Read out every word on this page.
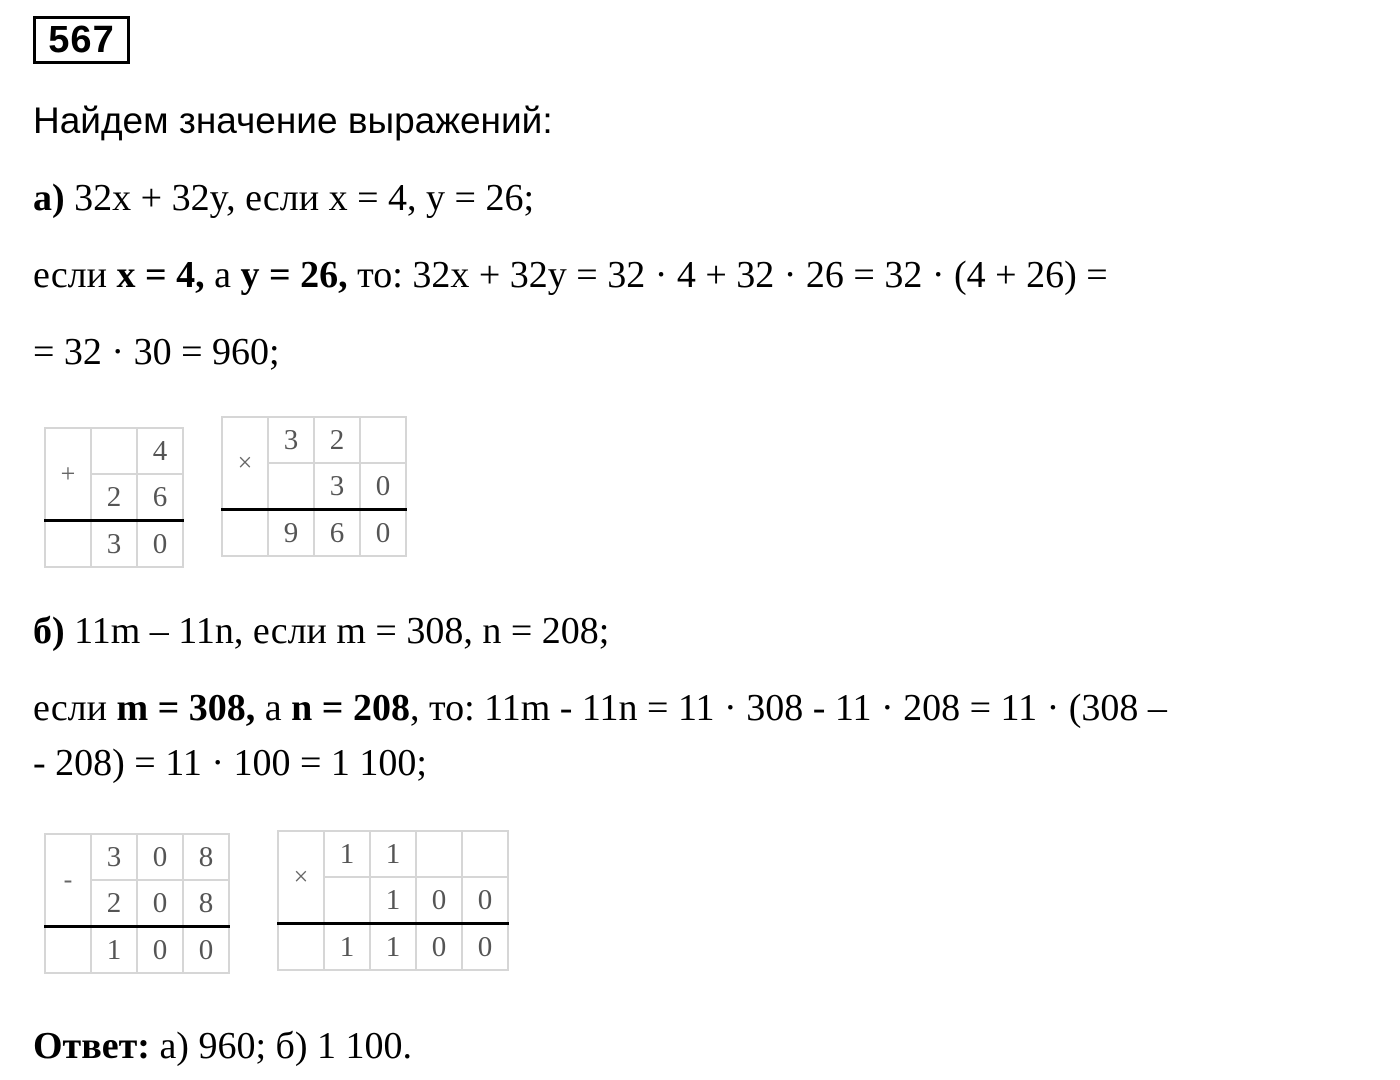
567
Найдем значение выражений:
а) 32x + 32y, если x = 4, y = 26;
если x = 4, а y = 26, то: 32x + 32y = 32 · 4 + 32 · 26 = 32 · (4 + 26) =
= 32 · 30 = 960;
+		4
	2	6
	3	0
×	3	2	
		3	0
	9	6	0
б) 11m – 11n, если m = 308, n = 208;
если m = 308, а n = 208, то: 11m - 11n = 11 · 308 - 11 · 208 = 11 · (308 –
- 208) = 11 · 100 = 1 100;
-	3	0	8
	2	0	8
	1	0	0
×	1	1		
		1	0	0
	1	1	0	0
Ответ: а) 960; б) 1 100.
